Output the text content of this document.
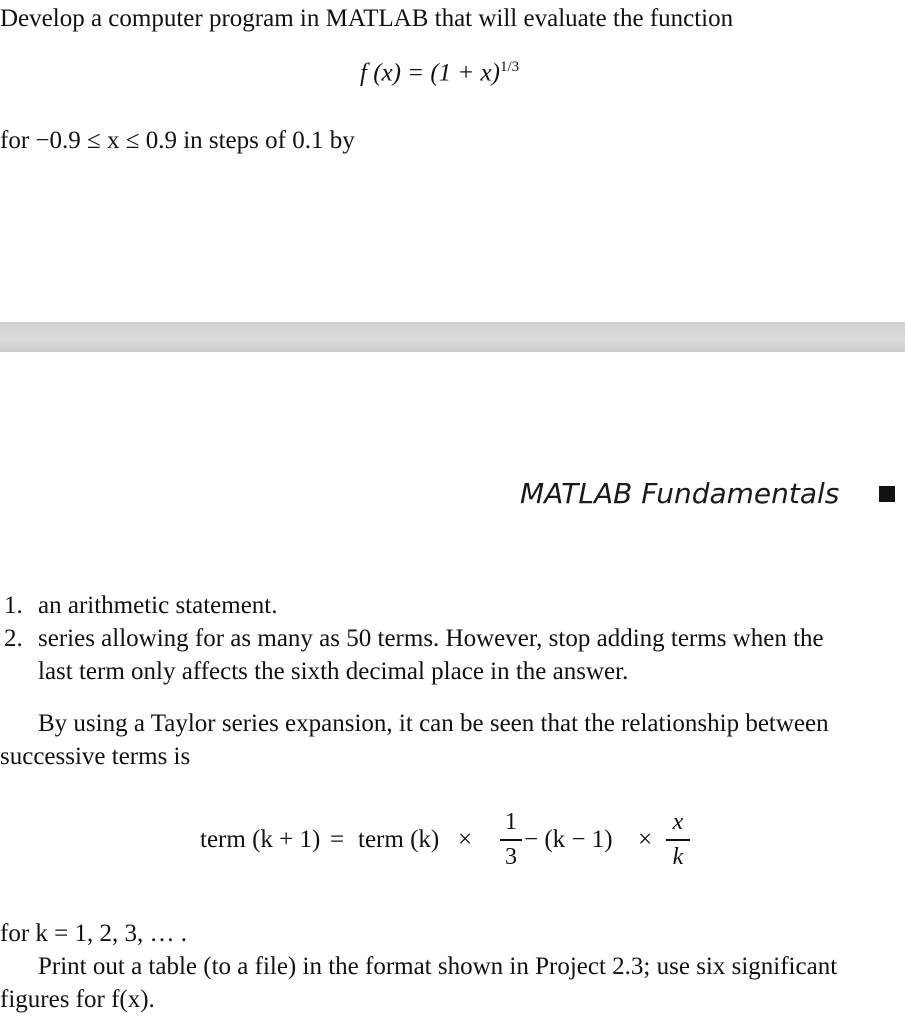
Develop a computer program in MATLAB that will evaluate the function
f $(x) = (1 + x)^{1/3}$
for −0.9 ≤ x ≤ 0.9 in steps of 0.1 by
MATLAB Fundamentals
1. an arithmetic statement.
2. series allowing for as many as 50 terms. However, stop adding terms when the
last term only affects the sixth decimal place in the answer.
By using a Taylor series expansion, it can be seen that the relationship between
successive terms is
term (k + 1) = term (k) ×
1
3
− (k − 1) ×
x
k
for k = 1, 2, 3, … .
Print out a table (to a file) in the format shown in Project 2.3; use six significant
figures for f(x).
